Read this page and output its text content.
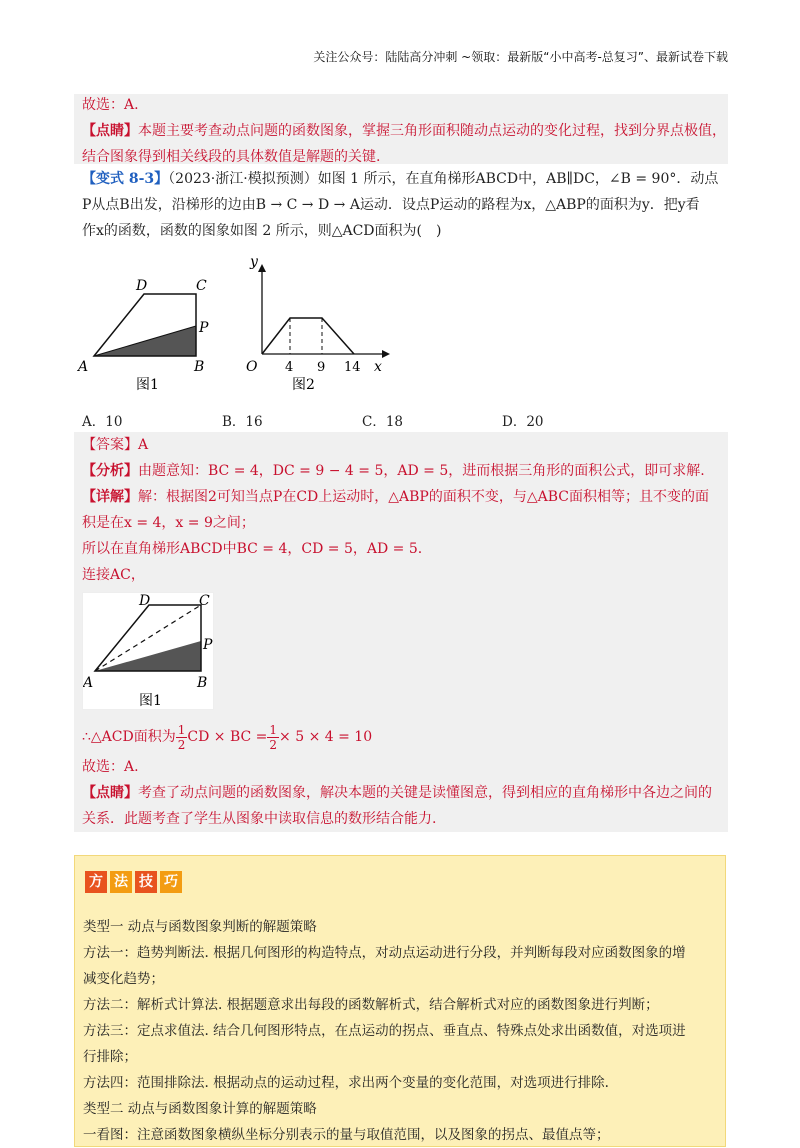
关注公众号：陆陆高分冲刺 ~领取：最新版“小中高考-总复习”、最新试卷下载
故选：A.
【点睛】本题主要考查动点问题的函数图象，掌握三角形面积随动点运动的变化过程，找到分界点极值，
结合图象得到相关线段的具体数值是解题的关键.
【变式 8-3】（2023·浙江·模拟预测）如图 1 所示，在直角梯形ABCD中，AB∥DC，∠B = 90°．动点
P从点B出发，沿梯形的边由B → C → D → A运动．设点P运动的路程为x，△ABP的面积为y．把y看
作x的函数，函数的图象如图 2 所示，则△ACD面积为(　)
A	B
C
D
P
图1
y
x
O 4 9 14
图2
A．10	B．16	C．18	D．20
【答案】A
【分析】由题意知：BC = 4，DC = 9 − 4 = 5，AD = 5，进而根据三角形的面积公式，即可求解.
【详解】解：根据图2可知当点P在CD上运动时，△ABP的面积不变，与△ABC面积相等；且不变的面
积是在x = 4，x = 9之间；
所以在直角梯形ABCD中BC = 4，CD = 5，AD = 5.
连接AC，
∴△ACD面积为 $\frac{1}{2}$ CD × BC = $\frac{1}{2} \times 5 \times 4 = 10$
故选：A.
【点睛】考查了动点问题的函数图象，解决本题的关键是读懂图意，得到相应的直角梯形中各边之间的
关系．此题考查了学生从图象中读取信息的数形结合能力.
A	B
C
D
P
图1
方 法 技 巧
类型一 动点与函数图象判断的解题策略
方法一：趋势判断法. 根据几何图形的构造特点，对动点运动进行分段，并判断每段对应函数图象的增
减变化趋势；
方法二：解析式计算法. 根据题意求出每段的函数解析式，结合解析式对应的函数图象进行判断；
方法三：定点求值法. 结合几何图形特点，在点运动的拐点、垂直点、特殊点处求出函数值，对选项进
行排除；
方法四：范围排除法. 根据动点的运动过程，求出两个变量的变化范围，对选项进行排除.
类型二 动点与函数图象计算的解题策略
一看图：注意函数图象横纵坐标分别表示的量与取值范围，以及图象的拐点、最值点等；
